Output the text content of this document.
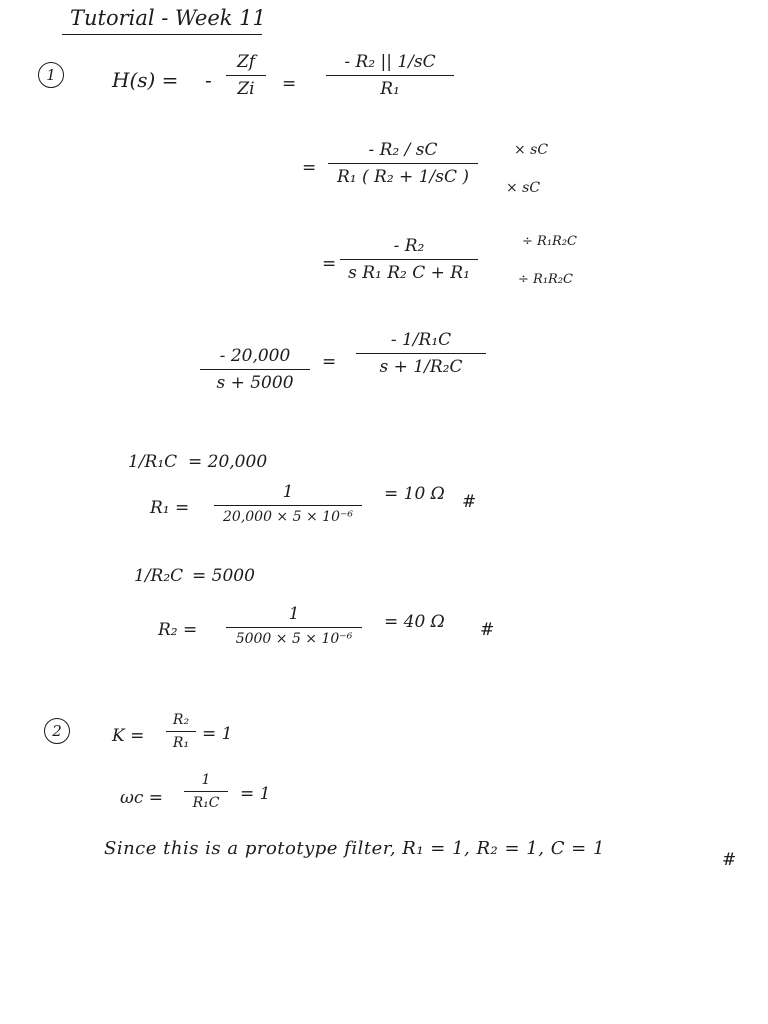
Tutorial - Week 11
1	H(s) = -
Zf
Zi =
- R₂ || 1/sC
R₁
=
- R₂ / sC
R₁ ( R₂ + 1/sC )
× sC
× sC
=
- R₂
s R₁ R₂ C + R₁
÷ R₁R₂C
÷ R₁R₂C
- 20,000
s + 5000
=
- 1/R₁C
s + 1/R₂C
1/R₁C = 20,000
R₁ =
1
20,000 × 5 × 10⁻⁶
= 10 Ω #
1/R₂C = 5000
R₂ =
1
5000 × 5 × 10⁻⁶
= 40 Ω #
2	K =
R₂
R₁ = 1
ωc =
1
R₁C = 1
Since this is a prototype filter, R₁ = 1, R₂ = 1, C = 1
#
